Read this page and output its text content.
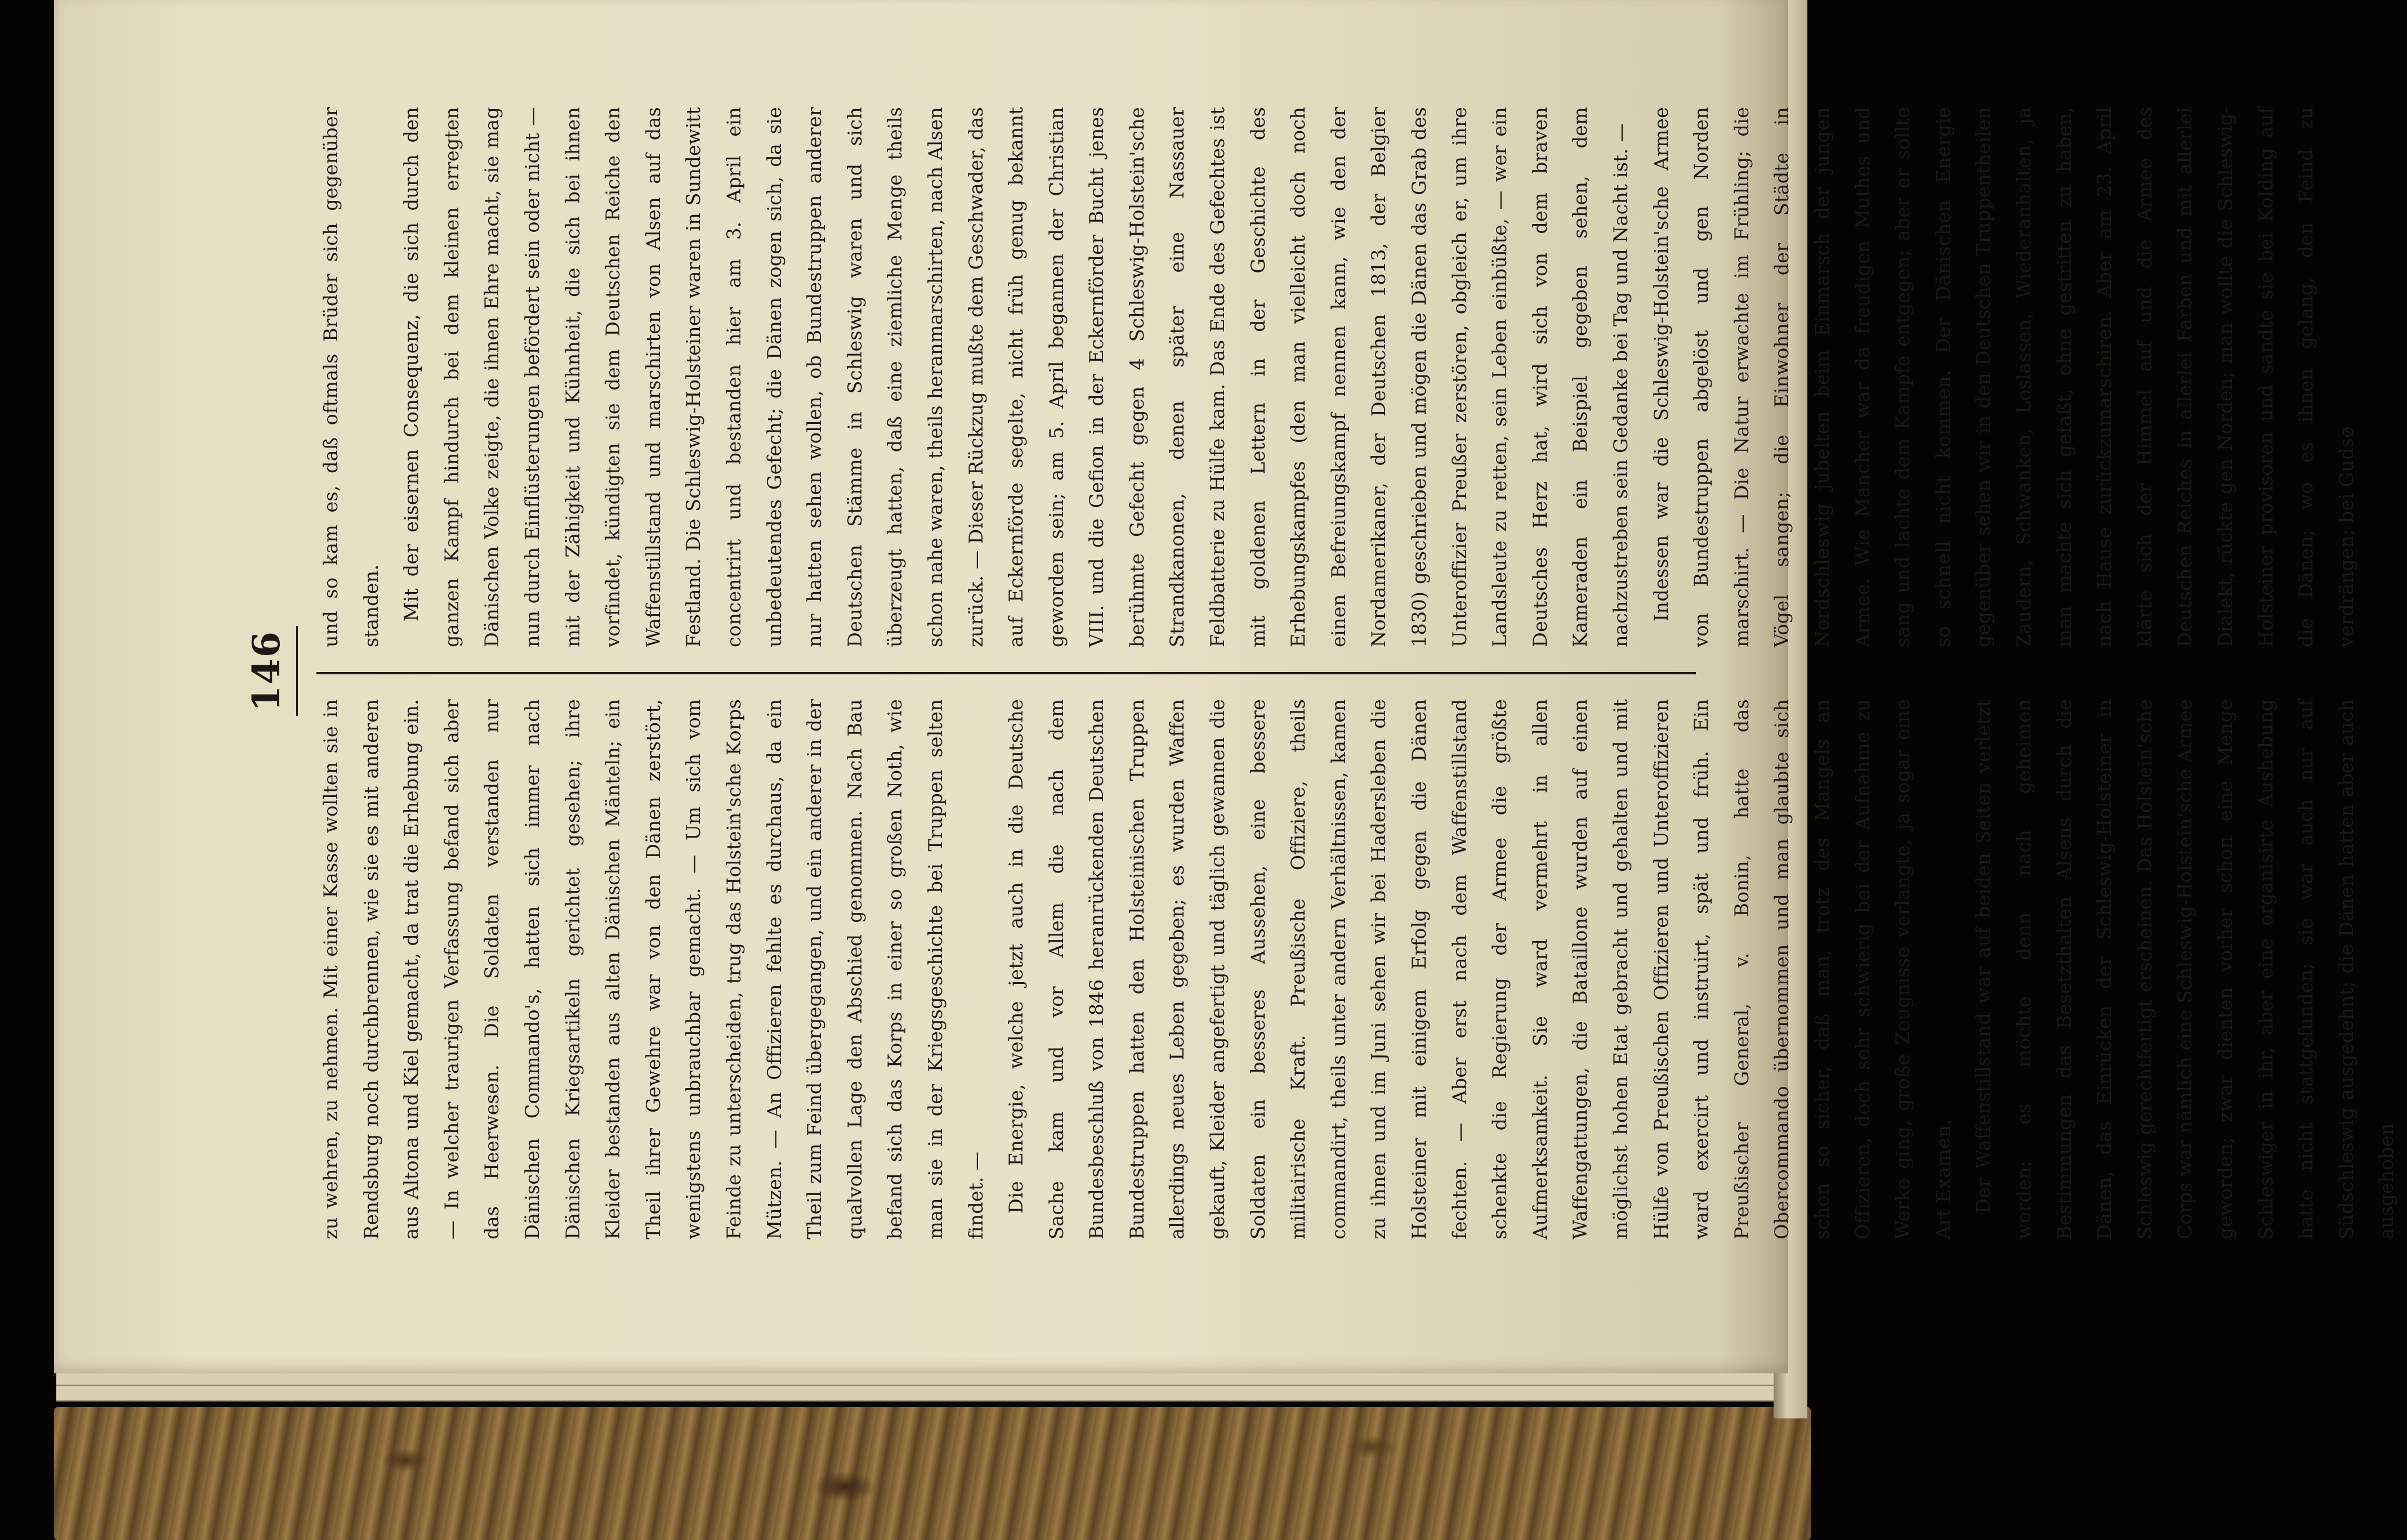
146

zu wehren, zu nehmen. Mit einer Kasse wollten sie in Rendsburg noch durchbrennen, wie sie es mit anderen aus Altona und Kiel gemacht, da trat die Erhebung ein. — In welcher traurigen Verfassung befand sich aber das Heerwesen. Die Soldaten verstanden nur Dänischen Commando's, hatten sich immer nach Dänischen Kriegsartikeln gerichtet gesehen; ihre Kleider bestanden aus alten Dänischen Mänteln; ein Theil ihrer Gewehre war von den Dänen zerstört, wenigstens unbrauchbar gemacht. — Um sich vom Feinde zu unterscheiden, trug das Holstein'sche Korps Mützen. — An Offizieren fehlte es durchaus, da ein Theil zum Feind übergegangen, und ein anderer in der qualvollen Lage den Abschied genommen. Nach Bau befand sich das Korps in einer so großen Noth, wie man sie in der Kriegsgeschichte bei Truppen selten findet. — Die Energie, welche jetzt auch in die Deutsche Sache kam und vor Allem die nach dem Bundesbeschluß von 1846 heranrückenden Deutschen Bundestruppen hatten den Holsteinischen Truppen allerdings neues Leben gegeben; es wurden Waffen gekauft, Kleider angefertigt und täglich gewannen die Soldaten ein besseres Aussehen, eine bessere militairische Kraft. Preußische Offiziere, theils commandirt, theils unter andern Verhältnissen, kamen zu ihnen und im Juni sehen wir bei Hadersleben die Holsteiner mit einigem Erfolg gegen die Dänen fechten. — Aber erst nach dem Waffenstillstand schenkte die Regierung der Armee die größte Aufmerksamkeit. Sie ward vermehrt in allen Waffengattungen, die Bataillone wurden auf einen möglichst hohen Etat gebracht und gehalten und mit Hülfe von Preußischen Offizieren und Unteroffizieren ward exercirt und instruirt, spät und früh. Ein Preußischer General, v. Bonin, hatte das Obercommando übernommen und man glaubte sich schon so sicher, daß man, trotz des Mangels an Offizieren, doch sehr schwierig bei der Aufnahme zu Werke ging, große Zeugnisse verlangte, ja sogar eine Art Examen. Der Waffenstillstand war auf beiden Seiten verletzt worden; es möchte denn nach geheimen Bestimmungen das Besetzthalten Alsens durch die Dänen, das Einrücken der Schleswig-Holsteiner in Schleswig gerechtfertigt erscheinen. Das Holstein'sche Corps war nämlich eine Schleswig-Holstein'sche Armee geworden; zwar dienten vorher schon eine Menge Schleswiger in ihr, aber eine organisirte Aushebung hatte nicht stattgefunden; sie war auch nur auf Südschleswig ausgedehnt; die Dänen hatten aber auch ausgehoben

und so kam es, daß oftmals Brüder sich gegenüber standen. Mit der eisernen Consequenz, die sich durch den ganzen Kampf hindurch bei dem kleinen erregten Dänischen Volke zeigte, die ihnen Ehre macht, sie mag nun durch Einflüsterungen befördert sein oder nicht — mit der Zähigkeit und Kühnheit, die sich bei ihnen vorfindet, kündigten sie dem Deutschen Reiche den Waffenstillstand und marschirten von Alsen auf das Festland. Die Schleswig-Holsteiner waren in Sundewitt concentrirt und bestanden hier am 3. April ein unbedeutendes Gefecht; die Dänen zogen sich, da sie nur hatten sehen wollen, ob Bundestruppen anderer Deutschen Stämme in Schleswig waren und sich überzeugt hatten, daß eine ziemliche Menge theils schon nahe waren, theils heranmarschirten, nach Alsen zurück. — Dieser Rückzug mußte dem Geschwader, das auf Eckernförde segelte, nicht früh genug bekannt geworden sein; am 5. April begannen der Christian VIII. und die Gefion in der Eckernförder Bucht jenes berühmte Gefecht gegen 4 Schleswig-Holstein'sche Strandkanonen, denen später eine Nassauer Feldbatterie zu Hülfe kam. Das Ende des Gefechtes ist mit goldenen Lettern in der Geschichte des Erhebungskampfes (den man vielleicht doch noch einen Befreiungskampf nennen kann, wie den der Nordamerikaner, der Deutschen 1813, der Belgier 1830) geschrieben und mögen die Dänen das Grab des Unteroffizier Preußer zerstören, obgleich er, um ihre Landsleute zu retten, sein Leben einbüßte, — wer ein Deutsches Herz hat, wird sich von dem braven Kameraden ein Beispiel gegeben sehen, dem nachzustreben sein Gedanke bei Tag und Nacht ist. — Indessen war die Schleswig-Holstein'sche Armee von Bundestruppen abgelöst und gen Norden marschirt. — Die Natur erwachte im Frühling; die Vögel sangen; die Einwohner der Städte in Nordschleswig jubelten beim Einmarsch der jungen Armee. Wie Mancher war da freudigen Muthes und sang und lachte dem Kampfe entgegen; aber er sollte so schnell nicht kommen. Der Dänischen Energie gegenüber sehen wir in den Deutschen Truppentheilen Zaudern, Schwanken, Loslassen, Wiederanhalten, ja man machte sich gefaßt, ohne gestritten zu haben, nach Hause zurückzumarschiren. Aber am 23. April klärte sich der Himmel auf und die Armee des Deutschen Reiches in allerlei Farben und mit allerlei Dialekt, rückte gen Norden; man wollte die Schleswig-Holsteiner provisoren und sandte sie bei Kolding auf die Dänen; wo es ihnen gelang, den Feind zu verdrängen; bei Gudsø
